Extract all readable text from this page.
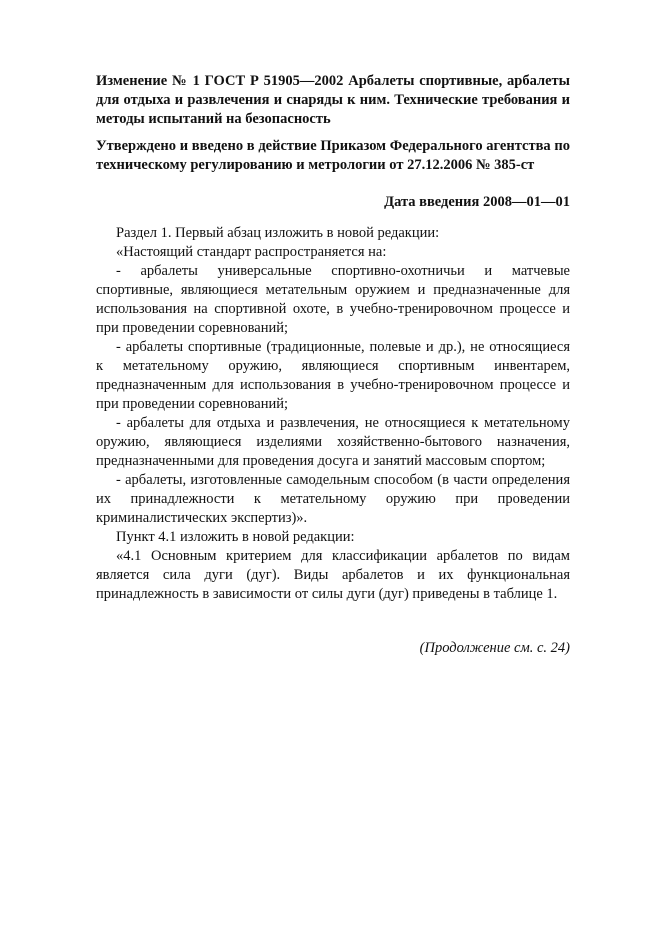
Изменение № 1 ГОСТ Р 51905—2002 Арбалеты спортивные, арбалеты для отдыха и развлечения и снаряды к ним. Технические требования и методы испытаний на безопасность

Утверждено и введено в действие Приказом Федерального агентства по техническому регулированию и метрологии от 27.12.2006 № 385-ст

Дата введения 2008—01—01

Раздел 1. Первый абзац изложить в новой редакции:

«Настоящий стандарт распространяется на:

- арбалеты универсальные спортивно-охотничьи и матчевые спортивные, являющиеся метательным оружием и предназначенные для использования на спортивной охоте, в учебно-тренировочном процессе и при проведении соревнований;

- арбалеты спортивные (традиционные, полевые и др.), не относящиеся к метательному оружию, являющиеся спортивным инвентарем, предназначенным для использования в учебно-тренировочном процессе и при проведении соревнований;

- арбалеты для отдыха и развлечения, не относящиеся к метательному оружию, являющиеся изделиями хозяйственно-бытового назначения, предназначенными для проведения досуга и занятий массовым спортом;

- арбалеты, изготовленные самодельным способом (в части определения их принадлежности к метательному оружию при проведении криминалистических экспертиз)».

Пункт 4.1 изложить в новой редакции:

«4.1 Основным критерием для классификации арбалетов по видам является сила дуги (дуг). Виды арбалетов и их функциональная принадлежность в зависимости от силы дуги (дуг) приведены в таблице 1.

(Продолжение см. с. 24)
